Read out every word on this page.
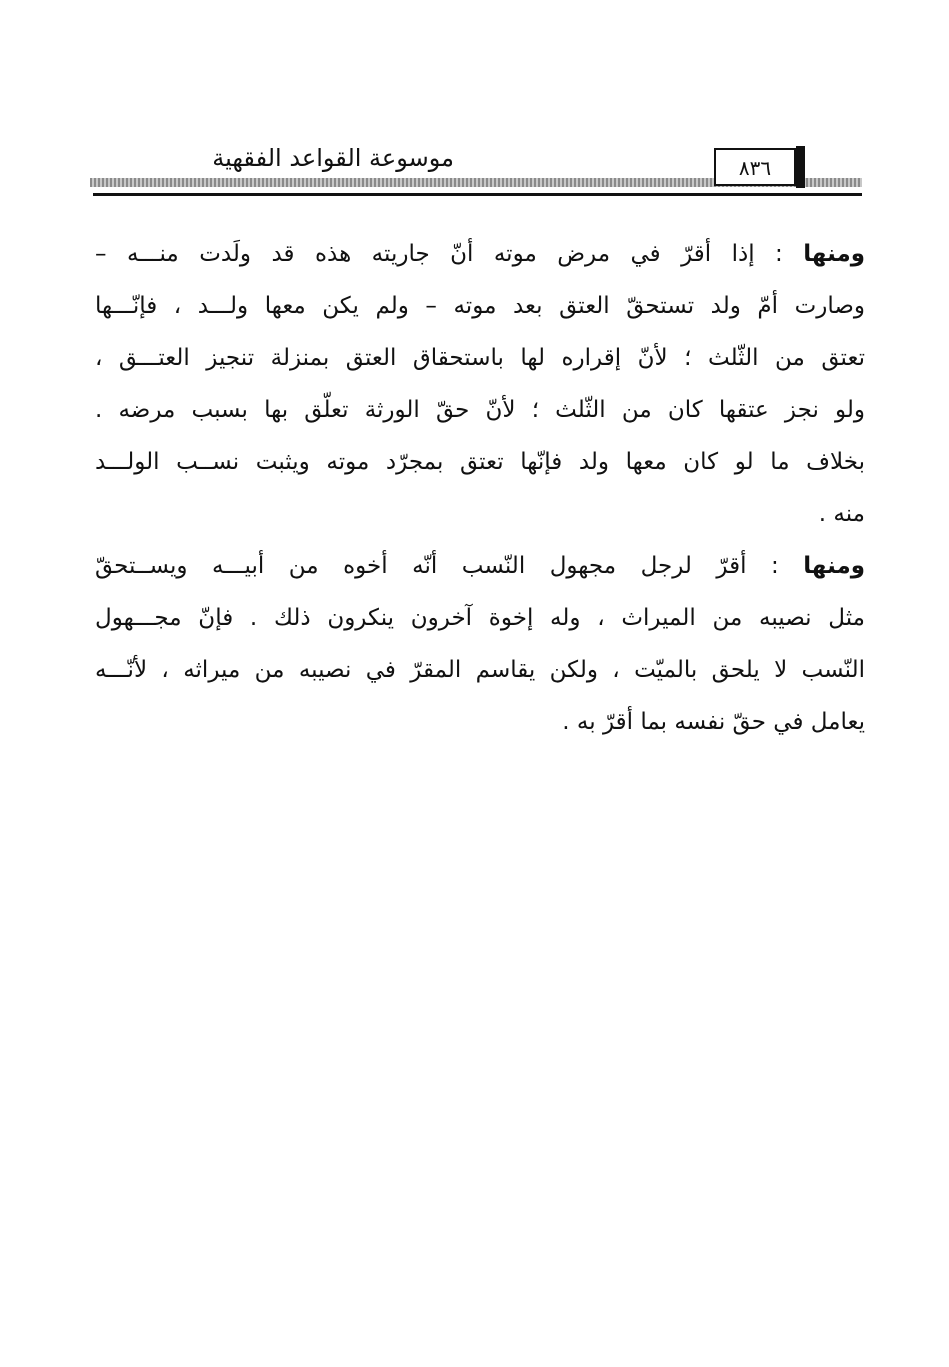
موسوعة القواعد الفقهية	٨٣٦
ومنها : إذا أقرّ في مرض موته أنّ جاريته هذه قد ولَدت منـــه –
وصارت أمّ ولد تستحقّ العتق بعد موته – ولم يكن معها ولـــد ، فإنّـــها
تعتق من الثّلث ؛ لأنّ إقراره لها باستحقاق العتق بمنزلة تنجيز العتـــق ،
ولو نجز عتقها كان من الثّلث ؛ لأنّ حقّ الورثة تعلّق بها بسبب مرضه .
بخلاف ما لو كان معها ولد فإنّها تعتق بمجرّد موته ويثبت نســب الولـــد
منه .
ومنها : أقرّ لرجل مجهول النّسب أنّه أخوه من أبيـــه ويســتحقّ
مثل نصيبه من الميراث ، وله إخوة آخرون ينكرون ذلك . فإنّ مجـــهول
النّسب لا يلحق بالميّت ، ولكن يقاسم المقرّ في نصيبه من ميراثه ، لأنّـــه
يعامل في حقّ نفسه بما أقرّ به .
